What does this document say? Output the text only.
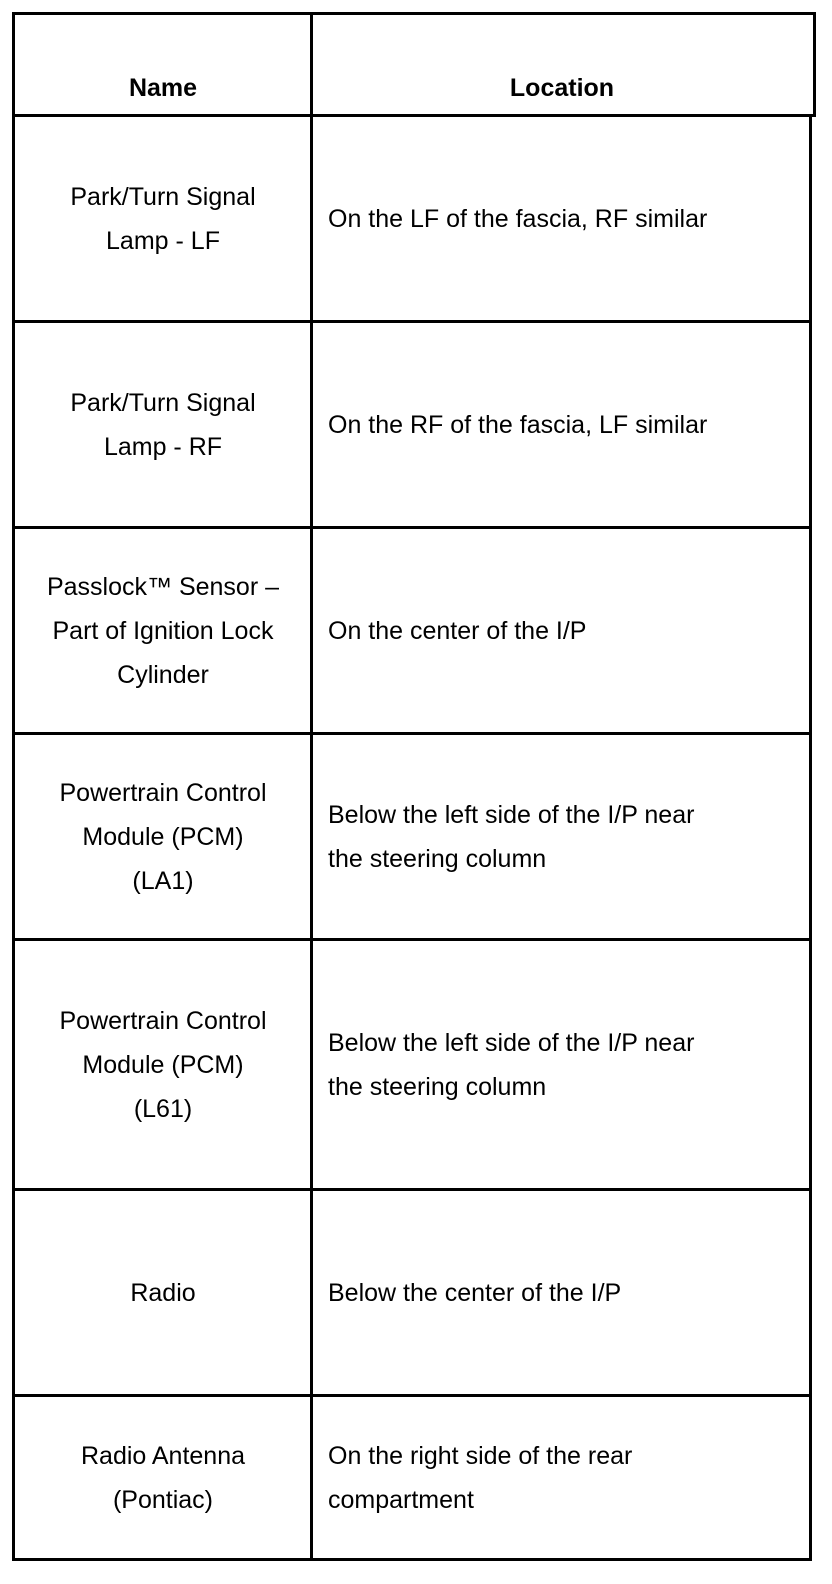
Name	Location
Park/Turn Signal
Lamp - LF
On the LF of the fascia, RF similar
Park/Turn Signal
Lamp - RF
On the RF of the fascia, LF similar
Passlock™ Sensor –
Part of Ignition Lock
Cylinder
On the center of the I/P
Powertrain Control
Module (PCM)
(LA1)
Below the left side of the I/P near
the steering column
Powertrain Control
Module (PCM)
(L61)
Below the left side of the I/P near
the steering column
Radio	Below the center of the I/P
Radio Antenna
(Pontiac)
On the right side of the rear
compartment
